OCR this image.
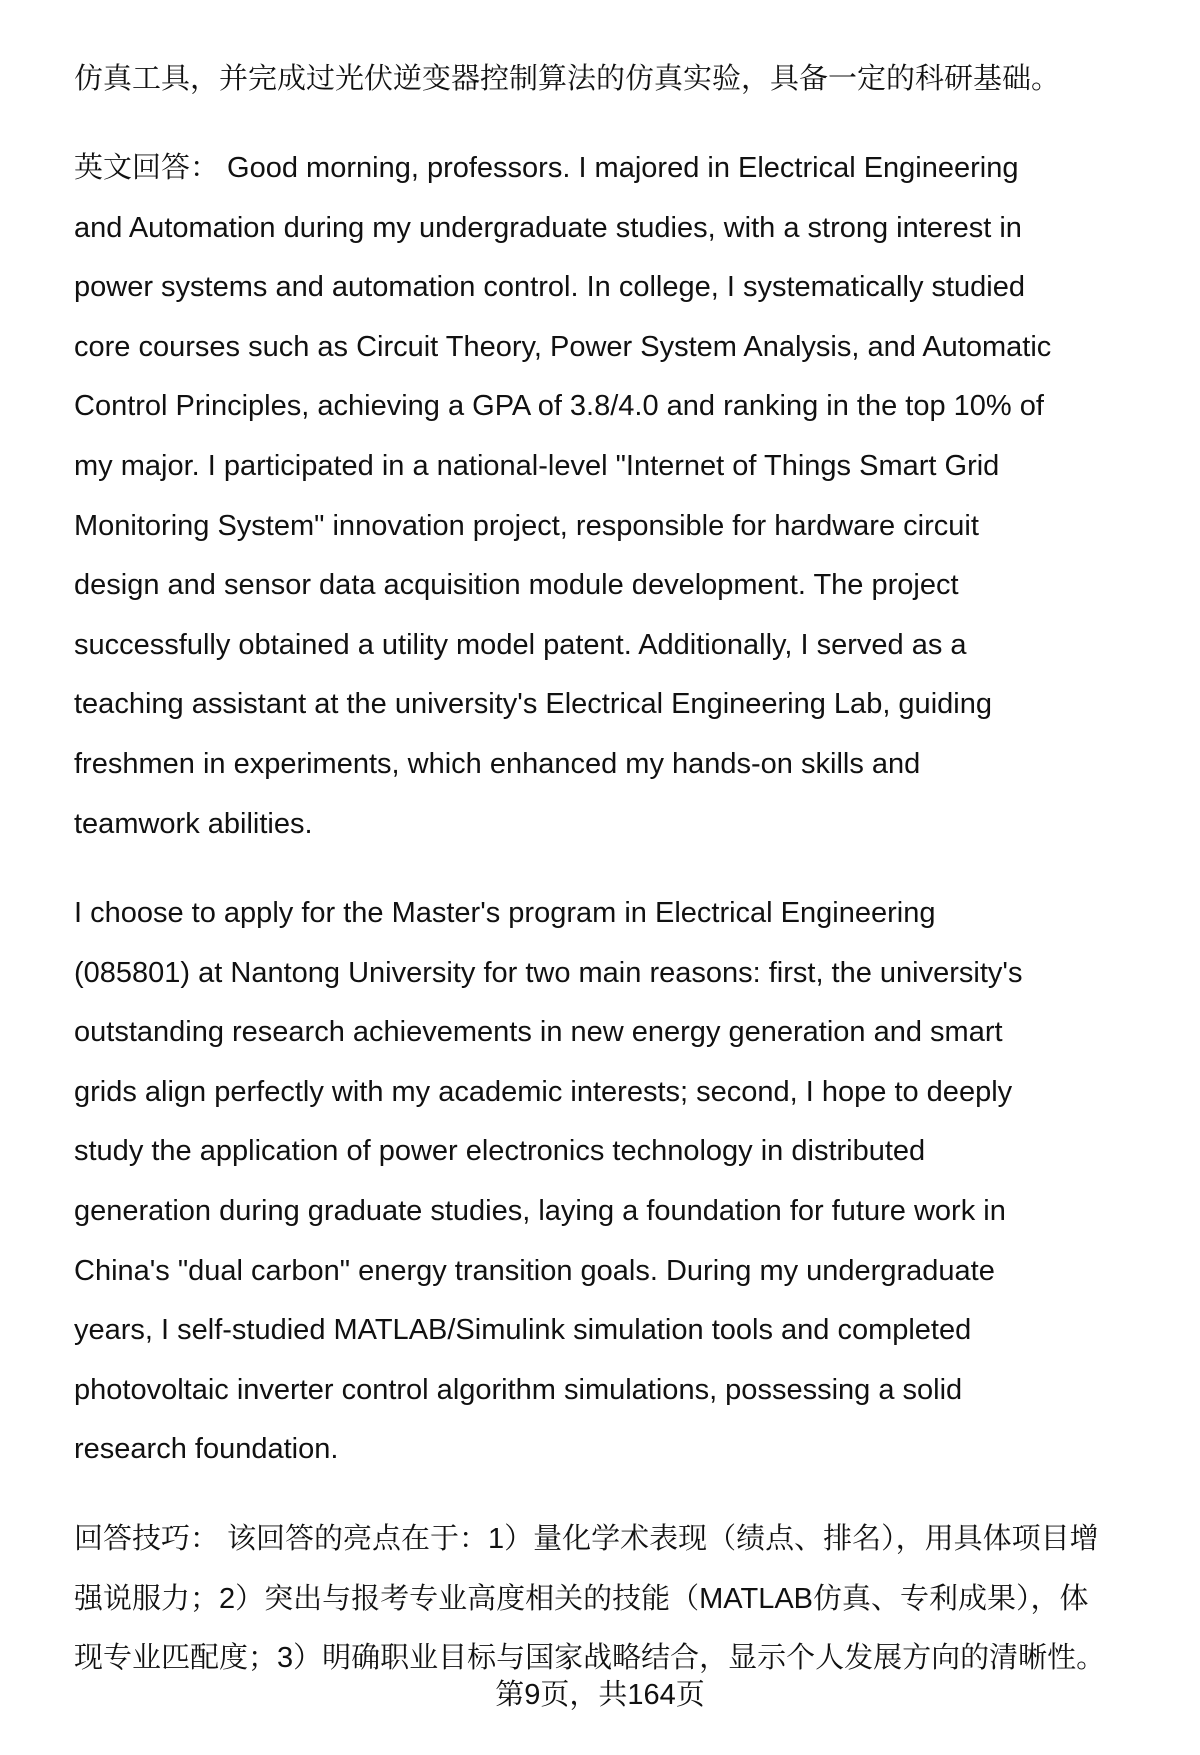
仿真工具，并完成过光伏逆变器控制算法的仿真实验，具备一定的科研基础。
英文回答： Good morning, professors. I majored in Electrical Engineering
and Automation during my undergraduate studies, with a strong interest in
power systems and automation control. In college, I systematically studied
core courses such as Circuit Theory, Power System Analysis, and Automatic
Control Principles, achieving a GPA of 3.8/4.0 and ranking in the top 10% of
my major. I participated in a national-level "Internet of Things Smart Grid
Monitoring System" innovation project, responsible for hardware circuit
design and sensor data acquisition module development. The project
successfully obtained a utility model patent. Additionally, I served as a
teaching assistant at the university's Electrical Engineering Lab, guiding
freshmen in experiments, which enhanced my hands-on skills and
teamwork abilities.
I choose to apply for the Master's program in Electrical Engineering
(085801) at Nantong University for two main reasons: first, the university's
outstanding research achievements in new energy generation and smart
grids align perfectly with my academic interests; second, I hope to deeply
study the application of power electronics technology in distributed
generation during graduate studies, laying a foundation for future work in
China's "dual carbon" energy transition goals. During my undergraduate
years, I self-studied MATLAB/Simulink simulation tools and completed
photovoltaic inverter control algorithm simulations, possessing a solid
research foundation.
回答技巧： 该回答的亮点在于：1）量化学术表现（绩点、排名），用具体项目增
强说服力；2）突出与报考专业高度相关的技能（MATLAB仿真、专利成果），体
现专业匹配度；3）明确职业目标与国家战略结合，显示个人发展方向的清晰性。
第9页，共164页
